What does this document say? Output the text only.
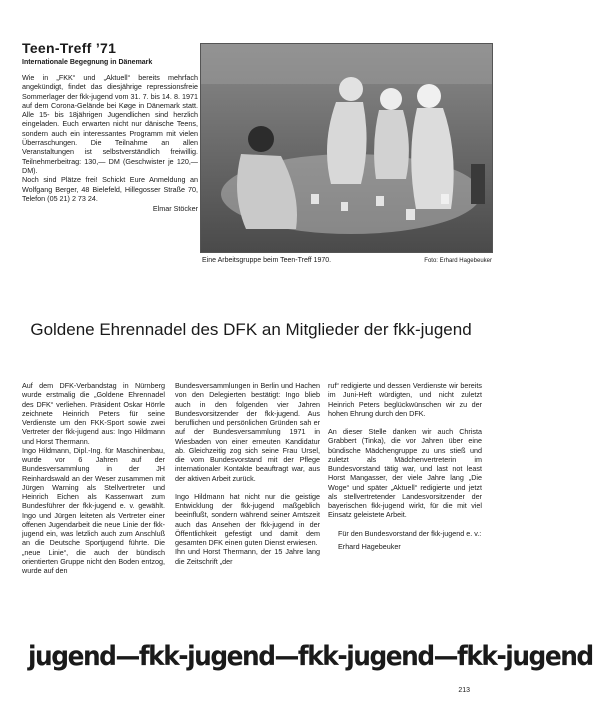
Teen-Treff ’71
Internationale Begegnung in Dänemark

Wie in „FKK“ und „Aktuell“ bereits mehrfach angekündigt, findet das diesjährige repressionsfreie Sommerlager der fkk-jugend vom 31. 7. bis 14. 8. 1971 auf dem Corona-Gelände bei Køge in Dänemark statt. Alle 15- bis 18jährigen Jugendlichen sind herzlich eingeladen. Euch erwarten nicht nur dänische Teens, sondern auch ein interessantes Programm mit vielen Überraschungen. Die Teilnahme an allen Veranstaltungen ist selbstverständlich freiwillig. Teilnehmerbeitrag: 130,— DM (Geschwister je 120,— DM).

Noch sind Plätze frei! Schickt Eure Anmeldung an Wolfgang Berger, 48 Bielefeld, Hillegosser Straße 70, Telefon (05 21) 2 73 24.

Elmar Stöcker
Eine Arbeitsgruppe beim Teen-Treff 1970.	Foto: Erhard Hagebeuker
Goldene Ehrennadel des DFK an Mitglieder der fkk-jugend

Auf dem DFK-Verbandstag in Nürnberg wurde erstmalig die „Goldene Ehrennadel des DFK“ verliehen. Präsident Oskar Hörrle zeichnete Heinrich Peters für seine Verdienste um den FKK-Sport sowie zwei Vertreter der fkk-jugend aus: Ingo Hildmann und Horst Thermann.

Ingo Hildmann, Dipl.-Ing. für Maschinenbau, wurde vor 6 Jahren auf der Bundesversammlung in der JH Reinhardswald an der Weser zusammen mit Jürgen Warning als Stellvertreter und Heinrich Eichen als Kassenwart zum Bundesführer der fkk-jugend e. v. gewählt. Ingo und Jürgen leiteten als Vertreter einer offenen Jugendarbeit die neue Linie der fkk-jugend ein, was letzlich auch zum Anschluß an die Deutsche Sportjugend führte. Die „neue Linie“, die auch der bündisch orientierten Gruppe nicht den Boden entzog, wurde auf den

Bundesversammlungen in Berlin und Hachen von den Delegierten bestätigt: Ingo blieb auch in den folgenden vier Jahren Bundesvorsitzender der fkk-jugend. Aus beruflichen und persönlichen Gründen sah er auf der Bundesversammlung 1971 in Wiesbaden von einer erneuten Kandidatur ab. Gleichzeitig zog sich seine Frau Ursel, die vom Bundesvorstand mit der Pflege internationaler Kontakte beauftragt war, aus der aktiven Arbeit zurück.

Ingo Hildmann hat nicht nur die geistige Entwicklung der fkk-jugend maßgeblich beeinflußt, sondern während seiner Amtszeit auch das Ansehen der fkk-jugend in der Öffentlichkeit gefestigt und damit dem gesamten DFK einen guten Dienst erwiesen.

Ihn und Horst Thermann, der 15 Jahre lang die Zeitschrift „der

ruf“ redigierte und dessen Verdienste wir bereits im Juni-Heft würdigten, und nicht zuletzt Heinrich Peters beglückwünschen wir zu der hohen Ehrung durch den DFK.

An dieser Stelle danken wir auch Christa Grabbert (Tinka), die vor Jahren über eine bündische Mädchengruppe zu uns stieß und zuletzt als Mädchenvertreterin im Bundesvorstand tätig war, und last not least Horst Mangasser, der viele Jahre lang „Die Woge“ und später „Aktuell“ redigierte und jetzt als stellvertretender Landesvorsitzender der bayerischen fkk-jugend wirkt, für die mit viel Einsatz geleistete Arbeit.

Für den Bundesvorstand der fkk-jugend e. v.:

Erhard Hagebeuker

jugend—fkk-jugend—fkk-jugend—fkk-jugend
213
